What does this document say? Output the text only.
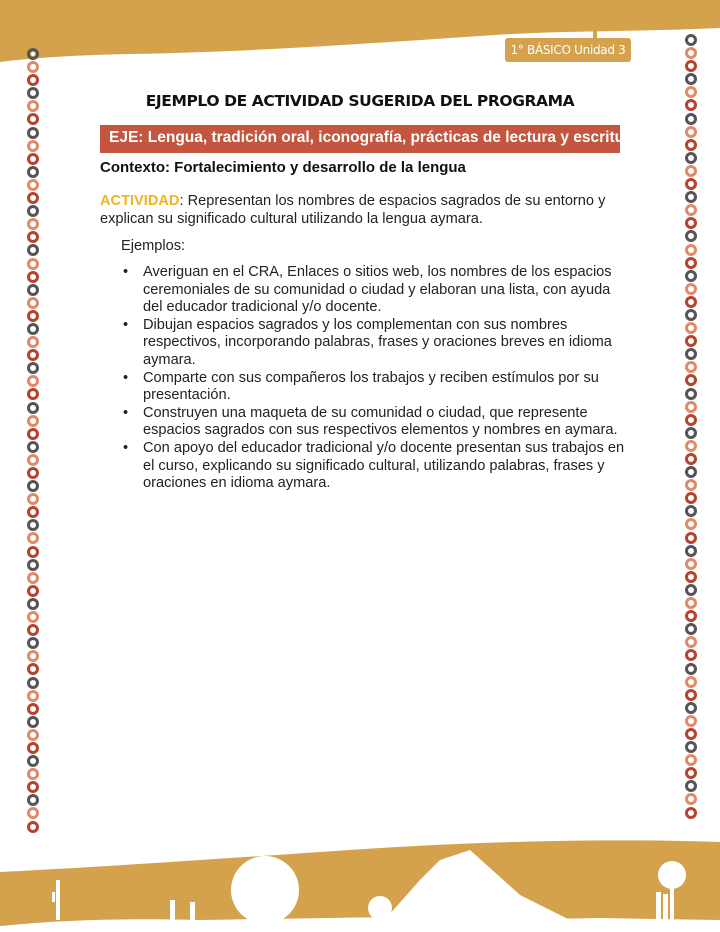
1° BÁSICO Unidad 3
EJEMPLO DE ACTIVIDAD SUGERIDA DEL PROGRAMA
EJE: Lengua, tradición oral, iconografía, prácticas de lectura y escritura
Contexto: Fortalecimiento y desarrollo de la lengua
ACTIVIDAD: Representan los nombres de espacios sagrados de su entorno y explican su significado cultural utilizando la lengua aymara.
Ejemplos:
• Averiguan en el CRA, Enlaces o sitios web, los nombres de los espacios ceremoniales de su comunidad o ciudad y elaboran una lista, con ayuda del educador tradicional y/o docente.
• Dibujan espacios sagrados y los complementan con sus nombres respectivos, incorporando palabras, frases y oraciones breves en idioma aymara.
• Comparte con sus compañeros los trabajos y reciben estímulos por su presentación.
• Construyen una maqueta de su comunidad o ciudad, que represente espacios sagrados con sus respectivos elementos y nombres en aymara.
• Con apoyo del educador tradicional y/o docente presentan sus trabajos en el curso, explicando su significado cultural, utilizando palabras, frases y oraciones en idioma aymara.
